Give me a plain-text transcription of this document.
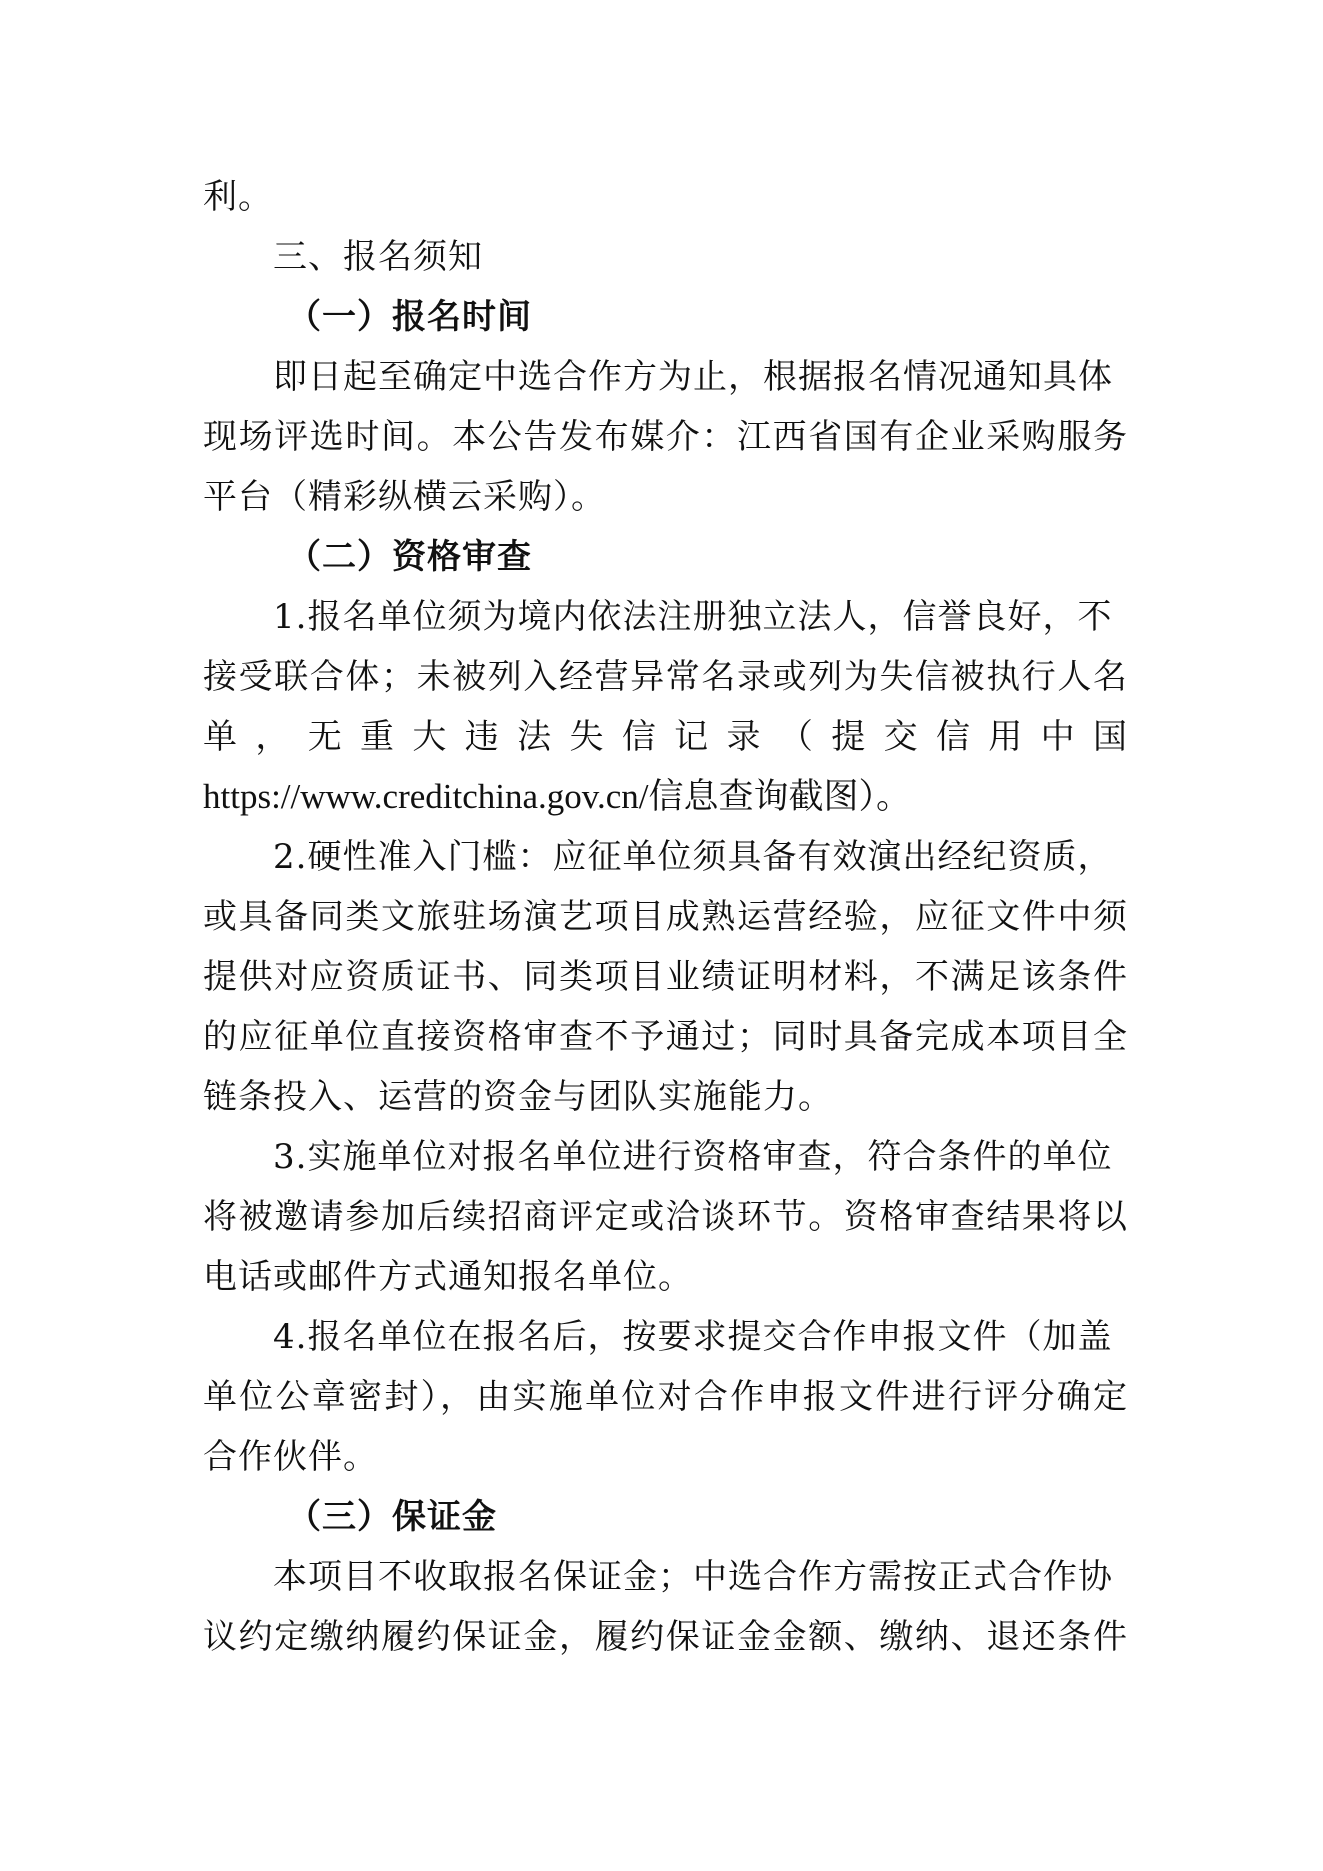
利。
三、报名须知
（一）报名时间
即日起至确定中选合作方为止，根据报名情况通知具体
现场评选时间。本公告发布媒介：江西省国有企业采购服务
平台（精彩纵横云采购）。
（二）资格审查
1.报名单位须为境内依法注册独立法人，信誉良好，不
接受联合体；未被列入经营异常名录或列为失信被执行人名
单，无重大违法失信记录（提交信用中国
https://www.creditchina.gov.cn/信息查询截图）。
2.硬性准入门槛：应征单位须具备有效演出经纪资质，
或具备同类文旅驻场演艺项目成熟运营经验，应征文件中须
提供对应资质证书、同类项目业绩证明材料，不满足该条件
的应征单位直接资格审查不予通过；同时具备完成本项目全
链条投入、运营的资金与团队实施能力。
3.实施单位对报名单位进行资格审查，符合条件的单位
将被邀请参加后续招商评定或洽谈环节。资格审查结果将以
电话或邮件方式通知报名单位。
4.报名单位在报名后，按要求提交合作申报文件（加盖
单位公章密封），由实施单位对合作申报文件进行评分确定
合作伙伴。
（三）保证金
本项目不收取报名保证金；中选合作方需按正式合作协
议约定缴纳履约保证金，履约保证金金额、缴纳、退还条件
